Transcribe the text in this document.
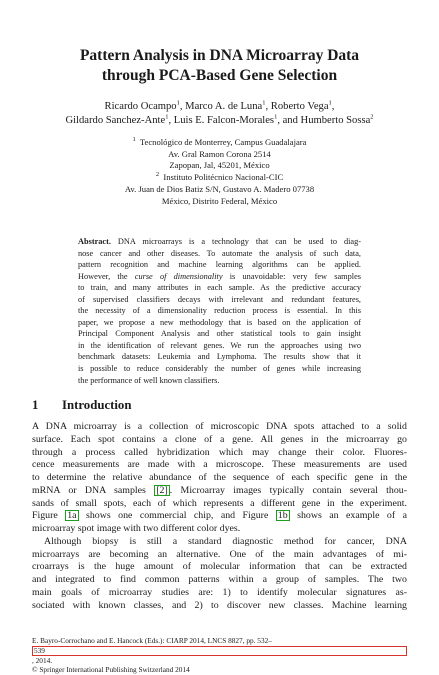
Pattern Analysis in DNA Microarray Data
through PCA-Based Gene Selection
Ricardo Ocampo$^1$, Marco A. de Luna$^1$, Roberto Vega$^1$,
Gildardo Sanchez-Ante$^1$, Luis E. Falcon-Morales$^1$, and Humberto Sossa$^2$
$^1$ Tecnológico de Monterrey, Campus Guadalajara
Av. Gral Ramon Corona 2514
Zapopan, Jal, 45201, México
$^2$ Instituto Politécnico Nacional-CIC
Av. Juan de Dios Batiz S/N, Gustavo A. Madero 07738
México, Distrito Federal, México
Abstract. DNA microarrays is a technology that can be used to diag-
nose cancer and other diseases. To automate the analysis of such data,
pattern recognition and machine learning algorithms can be applied.
However, the curse of dimensionality is unavoidable: very few samples
to train, and many attributes in each sample. As the predictive accuracy
of supervised classifiers decays with irrelevant and redundant features,
the necessity of a dimensionality reduction process is essential. In this
paper, we propose a new methodology that is based on the application of
Principal Component Analysis and other statistical tools to gain insight
in the identification of relevant genes. We run the approaches using two
benchmark datasets: Leukemia and Lymphoma. The results show that it
is possible to reduce considerably the number of genes while increasing
the performance of well known classifiers.
1 Introduction
A DNA microarray is a collection of microscopic DNA spots attached to a solid
surface. Each spot contains a clone of a gene. All genes in the microarray go
through a process called hybridization which may change their color. Fluores-
cence measurements are made with a microscope. These measurements are used
to determine the relative abundance of the sequence of each specific gene in the
mRNA or DNA samples [2] . Microarray images typically contain several thou-
sands of small spots, each of which represents a different gene in the experiment.
Figure 1a shows one commercial chip, and Figure 1b shows an example of a
microarray spot image with two different color dyes.
Although biopsy is still a standard diagnostic method for cancer, DNA
microarrays are becoming an alternative. One of the main advantages of mi-
croarrays is the huge amount of molecular information that can be extracted
and integrated to find common patterns within a group of samples. The two
main goals of microarray studies are: 1) to identify molecular signatures as-
sociated with known classes, and 2) to discover new classes. Machine learning
E. Bayro-Corrochano and E. Hancock (Eds.): CIARP 2014, LNCS 8827, pp. 532–
539
, 2014.
© Springer International Publishing Switzerland 2014
